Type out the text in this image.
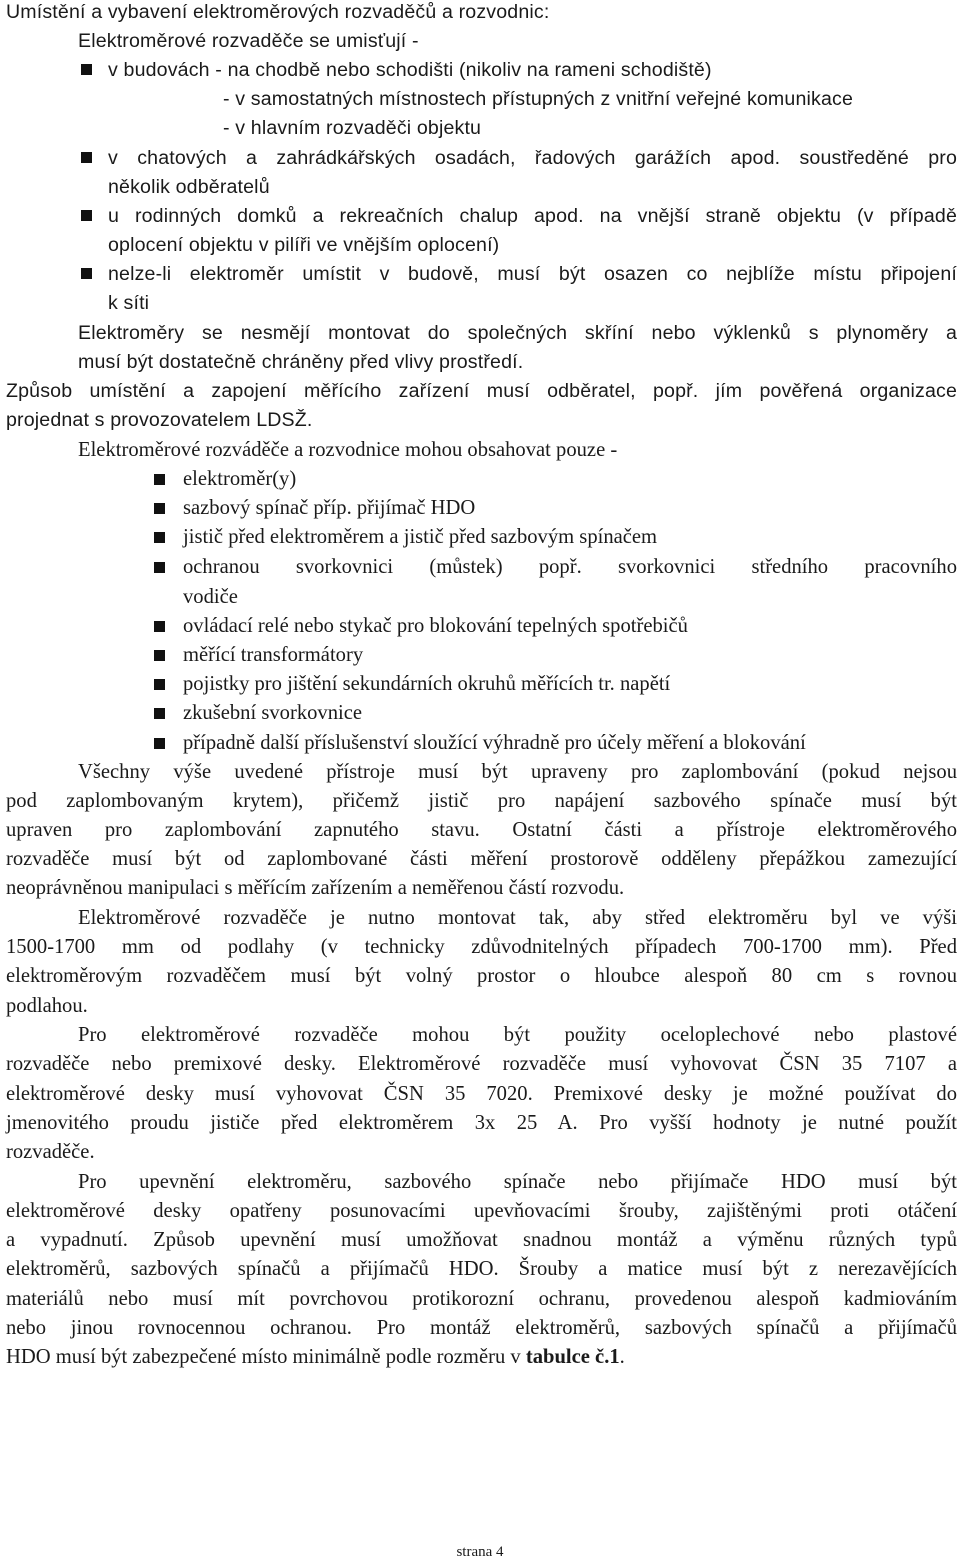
Umístění a vybavení elektroměrových rozvaděčů a rozvodnic:
Elektroměrové rozvaděče se umisťují -
v budovách - na chodbě nebo schodišti (nikoliv na rameni schodiště)
- v samostatných místnostech přístupných z vnitřní veřejné komunikace
- v hlavním rozvaděči objektu
v chatových a zahrádkářských osadách, řadových garážích apod. soustředěné pro
několik odběratelů
u rodinných domků a rekreačních chalup apod. na vnější straně objektu (v případě
oplocení objektu v pilíři ve vnějším oplocení)
nelze-li elektroměr umístit v budově, musí být osazen co nejblíže místu připojení
k síti
Elektroměry se nesmějí montovat do společných skříní nebo výklenků s plynoměry a
musí být dostatečně chráněny před vlivy prostředí.
Způsob umístění a zapojení měřícího zařízení musí odběratel, popř. jím pověřená organizace
projednat s provozovatelem LDSŽ.
Elektroměrové rozváděče a rozvodnice mohou obsahovat pouze -
elektroměr(y)
sazbový spínač příp. přijímač HDO
jistič před elektroměrem a jistič před sazbovým spínačem
ochranou svorkovnici (můstek) popř. svorkovnici středního pracovního
vodiče
ovládací relé nebo stykač pro blokování tepelných spotřebičů
měřící transformátory
pojistky pro jištění sekundárních okruhů měřících tr. napětí
zkušební svorkovnice
případně další příslušenství sloužící výhradně pro účely měření a blokování
Všechny výše uvedené přístroje musí být upraveny pro zaplombování (pokud nejsou
pod zaplombovaným krytem), přičemž jistič pro napájení sazbového spínače musí být
upraven pro zaplombování zapnutého stavu. Ostatní části a přístroje elektroměrového
rozvaděče musí být od zaplombované části měření prostorově odděleny přepážkou zamezující
neoprávněnou manipulaci s měřícím zařízením a neměřenou částí rozvodu.
Elektroměrové rozvaděče je nutno montovat tak, aby střed elektroměru byl ve výši
1500-1700 mm od podlahy (v technicky zdůvodnitelných případech 700-1700 mm). Před
elektroměrovým rozvaděčem musí být volný prostor o hloubce alespoň 80 cm s rovnou
podlahou.
Pro elektroměrové rozvaděče mohou být použity oceloplechové nebo plastové
rozvaděče nebo premixové desky. Elektroměrové rozvaděče musí vyhovovat ČSN 35 7107 a
elektroměrové desky musí vyhovovat ČSN 35 7020. Premixové desky je možné používat do
jmenovitého proudu jističe před elektroměrem 3x 25 A. Pro vyšší hodnoty je nutné použít
rozvaděče.
Pro upevnění elektroměru, sazbového spínače nebo přijímače HDO musí být
elektroměrové desky opatřeny posunovacími upevňovacími šrouby, zajištěnými proti otáčení
a vypadnutí. Způsob upevnění musí umožňovat snadnou montáž a výměnu různých typů
elektroměrů, sazbových spínačů a přijímačů HDO. Šrouby a matice musí být z nerezavějících
materiálů nebo musí mít povrchovou protikorozní ochranu, provedenou alespoň kadmiováním
nebo jinou rovnocennou ochranou. Pro montáž elektroměrů, sazbových spínačů a přijímačů
HDO musí být zabezpečené místo minimálně podle rozměru v tabulce č.1.
strana 4
